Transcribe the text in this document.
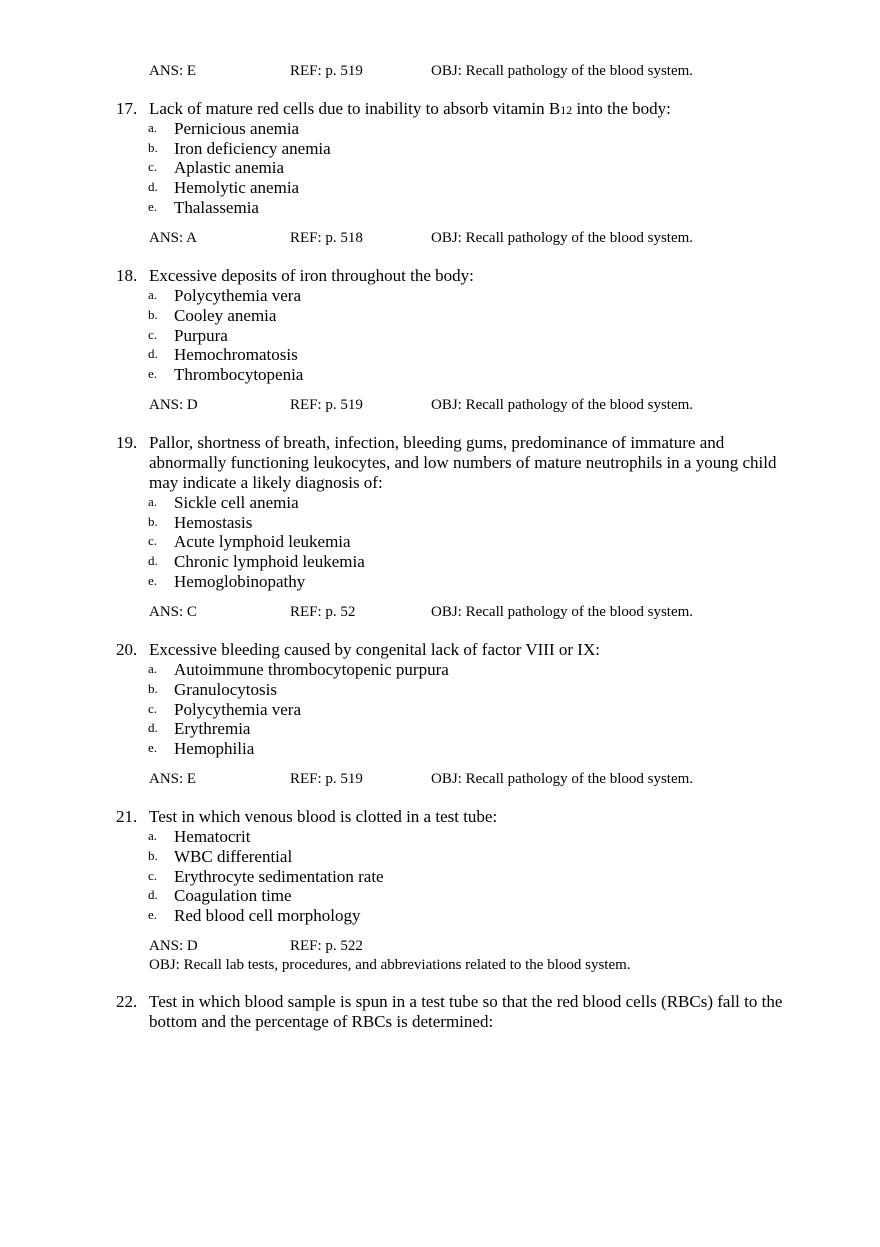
ANS: E	REF: p. 519	OBJ: Recall pathology of the blood system.
17. Lack of mature red cells due to inability to absorb vitamin B12 into the body:
a. Pernicious anemia
b. Iron deficiency anemia
c. Aplastic anemia
d. Hemolytic anemia
e. Thalassemia
ANS: A	REF: p. 518	OBJ: Recall pathology of the blood system.
18. Excessive deposits of iron throughout the body:
a. Polycythemia vera
b. Cooley anemia
c. Purpura
d. Hemochromatosis
e. Thrombocytopenia
ANS: D	REF: p. 519	OBJ: Recall pathology of the blood system.
19. Pallor, shortness of breath, infection, bleeding gums, predominance of immature and
abnormally functioning leukocytes, and low numbers of mature neutrophils in a young child
may indicate a likely diagnosis of:
a. Sickle cell anemia
b. Hemostasis
c. Acute lymphoid leukemia
d. Chronic lymphoid leukemia
e. Hemoglobinopathy
ANS: C	REF: p. 52	OBJ: Recall pathology of the blood system.
20. Excessive bleeding caused by congenital lack of factor VIII or IX:
a. Autoimmune thrombocytopenic purpura
b. Granulocytosis
c. Polycythemia vera
d. Erythremia
e. Hemophilia
ANS: E	REF: p. 519	OBJ: Recall pathology of the blood system.
21. Test in which venous blood is clotted in a test tube:
a. Hematocrit
b. WBC differential
c. Erythrocyte sedimentation rate
d. Coagulation time
e. Red blood cell morphology
ANS: D	REF: p. 522
OBJ: Recall lab tests, procedures, and abbreviations related to the blood system.
22. Test in which blood sample is spun in a test tube so that the red blood cells (RBCs) fall to the
bottom and the percentage of RBCs is determined:
